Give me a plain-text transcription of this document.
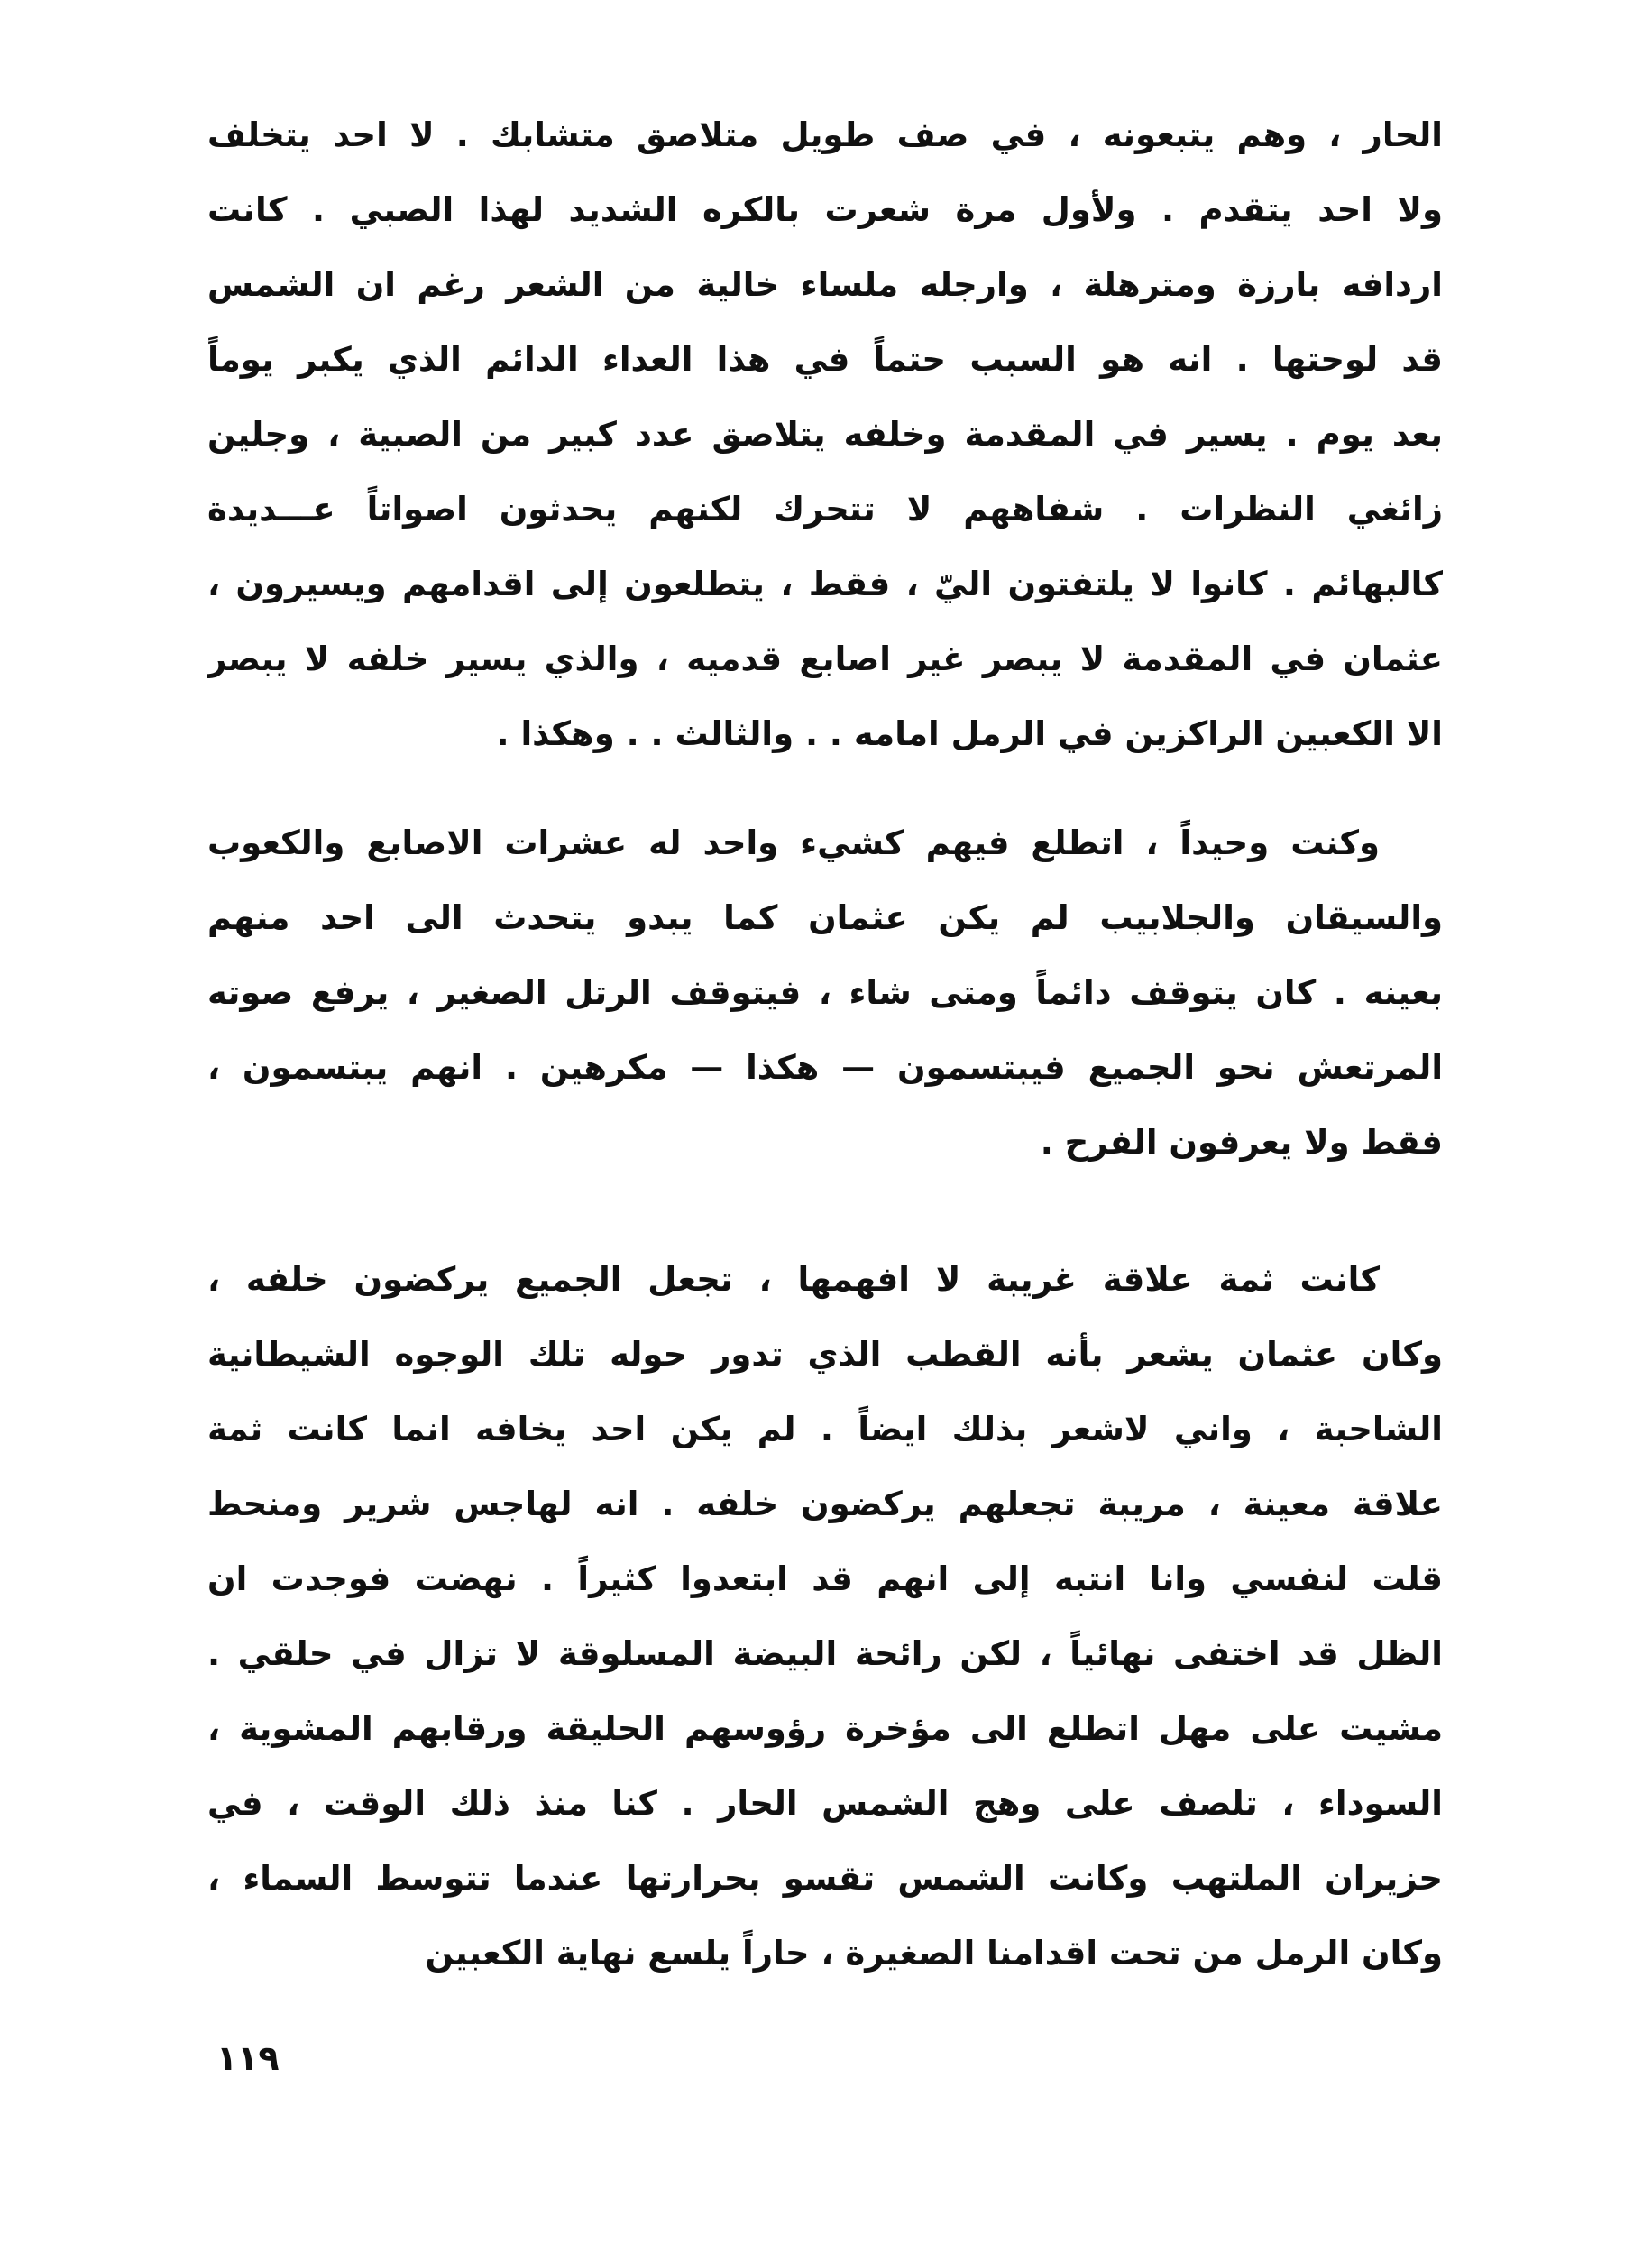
الحار ، وهم يتبعونه ، في صف طويل متلاصق متشابك . لا احد يتخلف
ولا احد يتقدم . ولأول مرة شعرت بالكره الشديد لهذا الصبي . كانت
اردافه بارزة ومترهلة ، وارجله ملساء خالية من الشعر رغم ان الشمس
قد لوحتها . انه هو السبب حتماً في هذا العداء الدائم الذي يكبر يوماً
بعد يوم . يسير في المقدمة وخلفه يتلاصق عدد كبير من الصبية ، وجلين
زائغي النظرات . شفاههم لا تتحرك لكنهم يحدثون اصواتاً عـــديدة
كالبهائم . كانوا لا يلتفتون اليّ ، فقط ، يتطلعون إلى اقدامهم ويسيرون ،
عثمان في المقدمة لا يبصر غير اصابع قدميه ، والذي يسير خلفه لا يبصر
الا الكعبين الراكزين في الرمل امامه . . والثالث . . وهكذا .
وكنت وحيداً ، اتطلع فيهم كشيء واحد له عشرات الاصابع والكعوب
والسيقان والجلابيب لم يكن عثمان كما يبدو يتحدث الى احد منهم
بعينه . كان يتوقف دائماً ومتى شاء ، فيتوقف الرتل الصغير ، يرفع صوته
المرتعش نحو الجميع فيبتسمون — هكذا — مكرهين . انهم يبتسمون ،
فقط ولا يعرفون الفرح .
كانت ثمة علاقة غريبة لا افهمها ، تجعل الجميع يركضون خلفه ،
وكان عثمان يشعر بأنه القطب الذي تدور حوله تلك الوجوه الشيطانية
الشاحبة ، واني لاشعر بذلك ايضاً . لم يكن احد يخافه انما كانت ثمة
علاقة معينة ، مريبة تجعلهم يركضون خلفه . انه لهاجس شرير ومنحط
قلت لنفسي وانا انتبه إلى انهم قد ابتعدوا كثيراً . نهضت فوجدت ان
الظل قد اختفى نهائياً ، لكن رائحة البيضة المسلوقة لا تزال في حلقي .
مشيت على مهل اتطلع الى مؤخرة رؤوسهم الحليقة ورقابهم المشوية ،
السوداء ، تلصف على وهج الشمس الحار . كنا منذ ذلك الوقت ، في
حزيران الملتهب وكانت الشمس تقسو بحرارتها عندما تتوسط السماء ،
وكان الرمل من تحت اقدامنا الصغيرة ، حاراً يلسع نهاية الكعبين
١١٩
